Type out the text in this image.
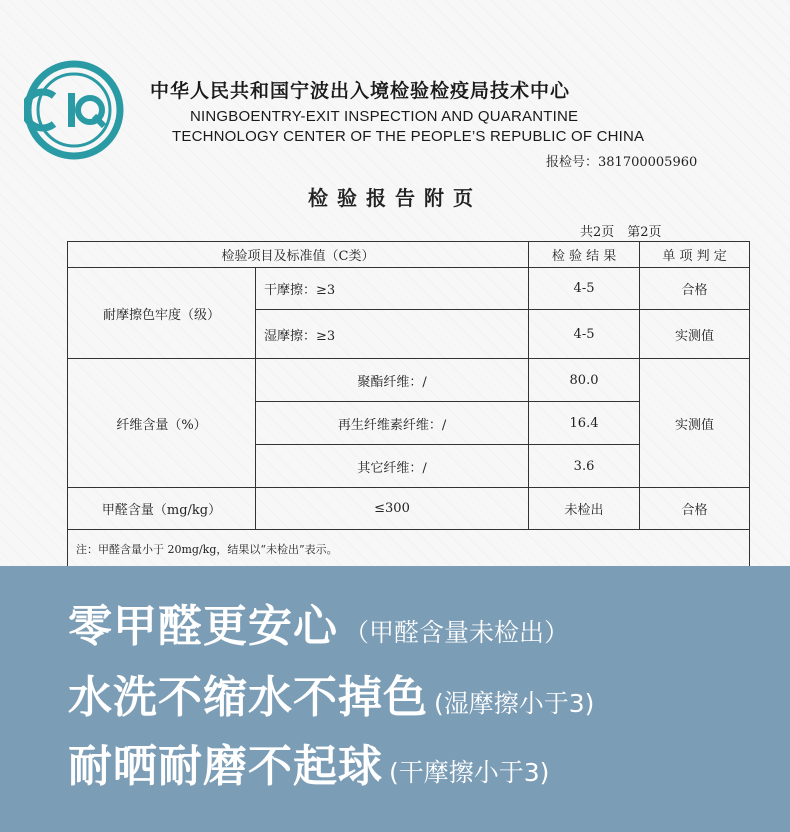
中华人民共和国宁波出入境检验检疫局技术中心
NINGBOENTRY-EXIT INSPECTION AND QUARANTINE
TECHNOLOGY CENTER OF THE PEOPLE’S REPUBLIC OF CHINA
报检号：381700005960
检验报告附页
共2页　第2页
检验项目及标准值（C类）		检 验 结 果	单 项 判 定
耐摩擦色牢度（级）	干摩擦：≥3	4-5	合格
	湿摩擦：≥3	4-5	实测值
纤维含量（%）	聚酯纤维：/	80.0	实测值
	再生纤维素纤维：/	16.4	
	其它纤维：/	3.6	
甲醛含量（mg/kg）	≤300	未检出	合格
注：甲醛含量小于 20mg/kg，结果以“未检出”表示。			
零甲醛更安心 （甲醛含量未检出）
水洗不缩水不掉色 (湿摩擦小于3)
耐晒耐磨不起球 (干摩擦小于3)
